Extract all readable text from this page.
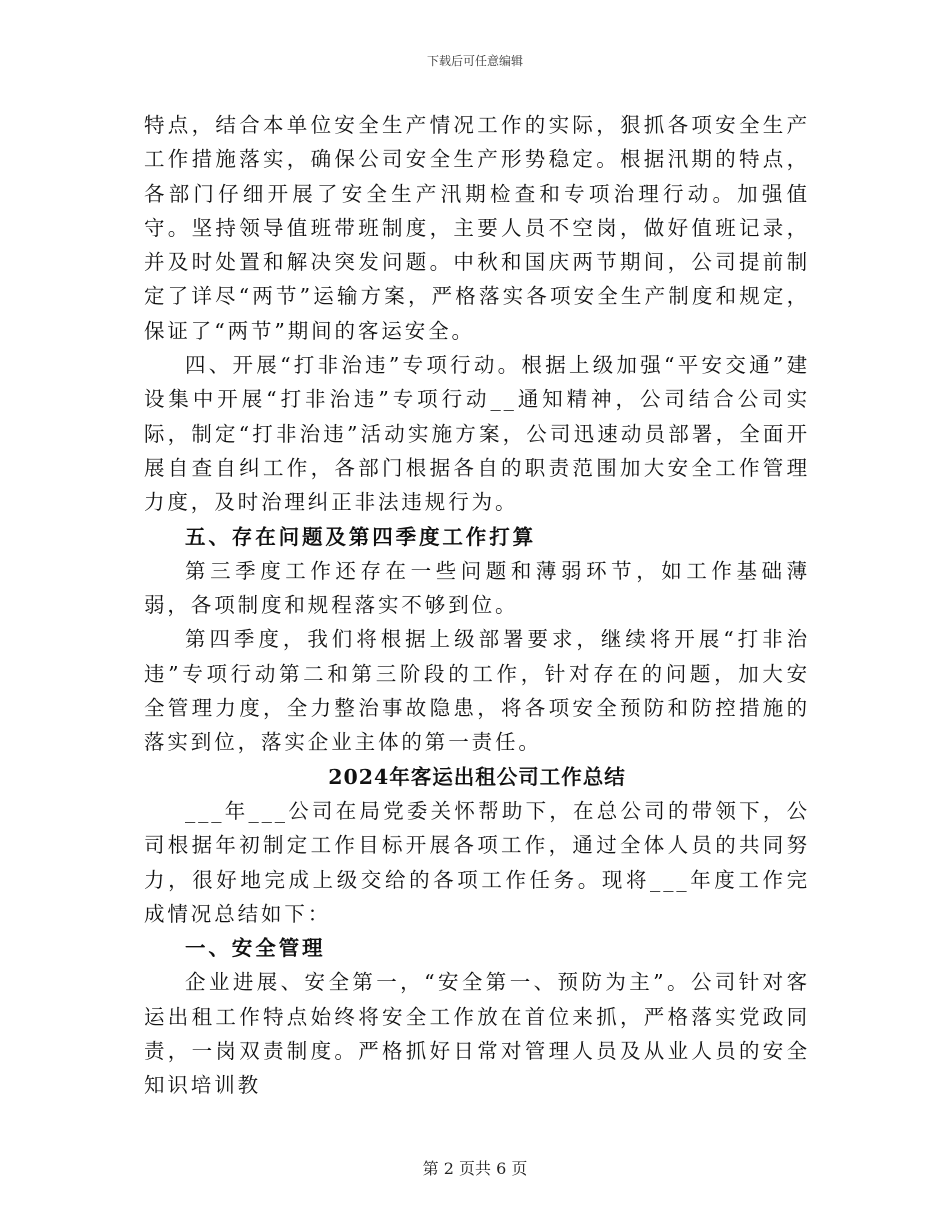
下载后可任意编辑

特点，结合本单位安全生产情况工作的实际，狠抓各项安全生产工作措施落实，确保公司安全生产形势稳定。根据汛期的特点，各部门仔细开展了安全生产汛期检查和专项治理行动。加强值守。坚持领导值班带班制度，主要人员不空岗，做好值班记录，并及时处置和解决突发问题。中秋和国庆两节期间，公司提前制定了详尽“两节”运输方案，严格落实各项安全生产制度和规定，保证了“两节”期间的客运安全。

四、开展“打非治违”专项行动。根据上级加强“平安交通”建设集中开展“打非治违”专项行动__通知精神，公司结合公司实际，制定“打非治违”活动实施方案，公司迅速动员部署，全面开展自查自纠工作，各部门根据各自的职责范围加大安全工作管理力度，及时治理纠正非法违规行为。

五、存在问题及第四季度工作打算

第三季度工作还存在一些问题和薄弱环节，如工作基础薄弱，各项制度和规程落实不够到位。

第四季度，我们将根据上级部署要求，继续将开展“打非治违”专项行动第二和第三阶段的工作，针对存在的问题，加大安全管理力度，全力整治事故隐患，将各项安全预防和防控措施的落实到位，落实企业主体的第一责任。

2024年客运出租公司工作总结

___年___公司在局党委关怀帮助下，在总公司的带领下，公司根据年初制定工作目标开展各项工作，通过全体人员的共同努力，很好地完成上级交给的各项工作任务。现将___年度工作完成情况总结如下：

一、安全管理

企业进展、安全第一，“安全第一、预防为主”。公司针对客运出租工作特点始终将安全工作放在首位来抓，严格落实党政同责，一岗双责制度。严格抓好日常对管理人员及从业人员的安全知识培训教

第 2 页共 6 页
